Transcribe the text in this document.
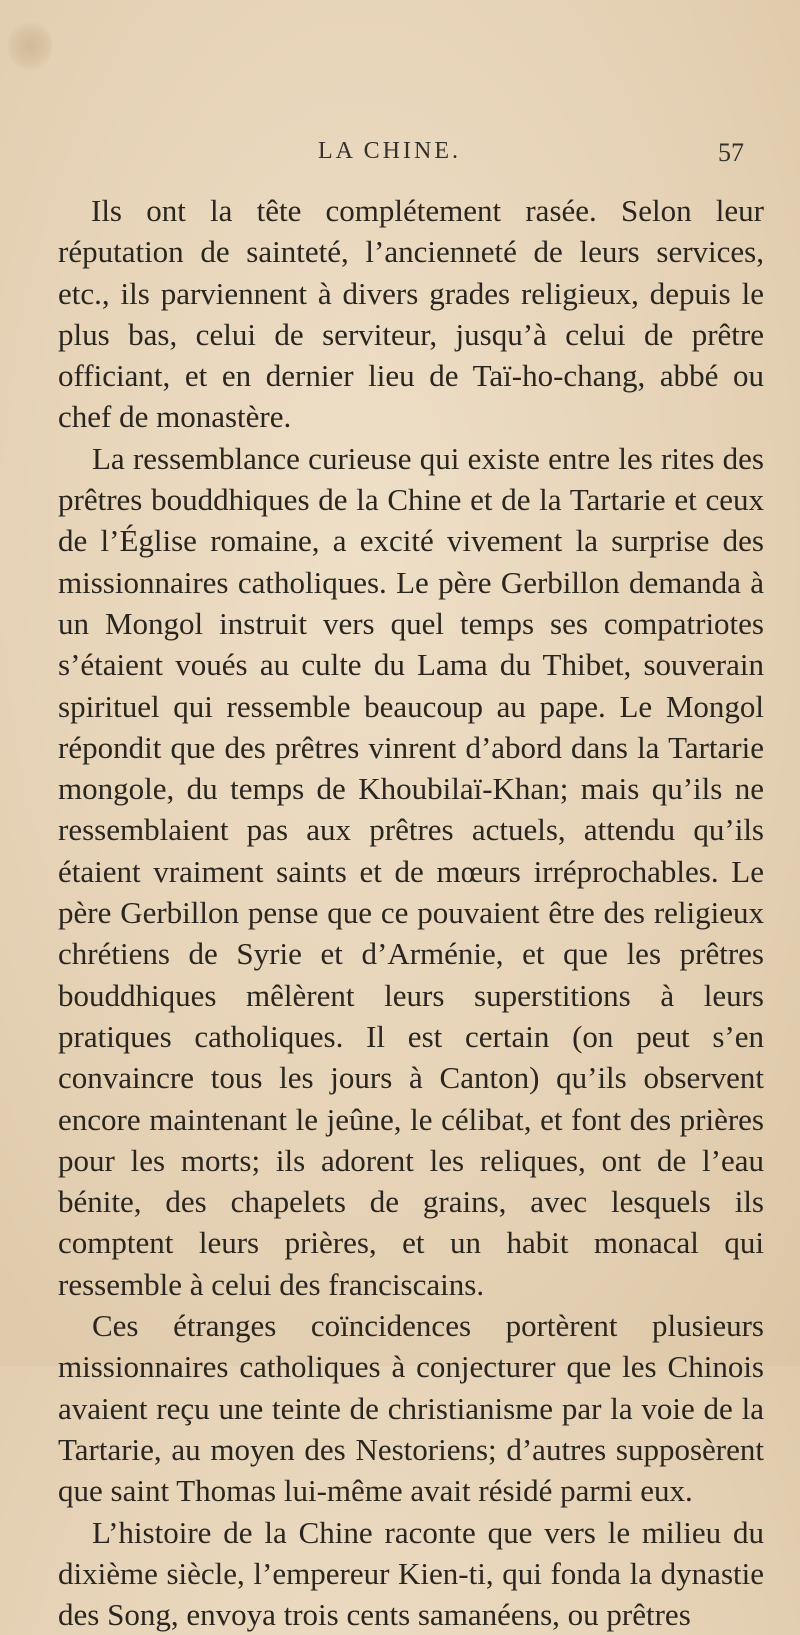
LA CHINE.	57

Ils ont la tête complétement rasée. Selon leur réputation de sainteté, l’ancienneté de leurs services, etc., ils parviennent à divers grades religieux, depuis le plus bas, celui de serviteur, jusqu’à celui de prêtre officiant, et en dernier lieu de Taï-ho-chang, abbé ou chef de monastère.

La ressemblance curieuse qui existe entre les rites des prêtres bouddhiques de la Chine et de la Tartarie et ceux de l’Église romaine, a excité vivement la surprise des missionnaires catholiques. Le père Gerbillon demanda à un Mongol instruit vers quel temps ses compatriotes s’étaient voués au culte du Lama du Thibet, souverain spirituel qui ressemble beaucoup au pape. Le Mongol répondit que des prêtres vinrent d’abord dans la Tartarie mongole, du temps de Khoubilaï-Khan; mais qu’ils ne ressemblaient pas aux prêtres actuels, attendu qu’ils étaient vraiment saints et de mœurs irréprochables. Le père Gerbillon pense que ce pouvaient être des religieux chrétiens de Syrie et d’Arménie, et que les prêtres bouddhiques mêlèrent leurs superstitions à leurs pratiques catholiques. Il est certain (on peut s’en convaincre tous les jours à Canton) qu’ils observent encore maintenant le jeûne, le célibat, et font des prières pour les morts; ils adorent les reliques, ont de l’eau bénite, des chapelets de grains, avec lesquels ils comptent leurs prières, et un habit monacal qui ressemble à celui des franciscains.

Ces étranges coïncidences portèrent plusieurs missionnaires catholiques à conjecturer que les Chinois avaient reçu une teinte de christianisme par la voie de la Tartarie, au moyen des Nestoriens; d’autres supposèrent que saint Thomas lui-même avait résidé parmi eux.

L’histoire de la Chine raconte que vers le milieu du dixième siècle, l’empereur Kien-ti, qui fonda la dynastie des Song, envoya trois cents samanéens, ou prêtres
